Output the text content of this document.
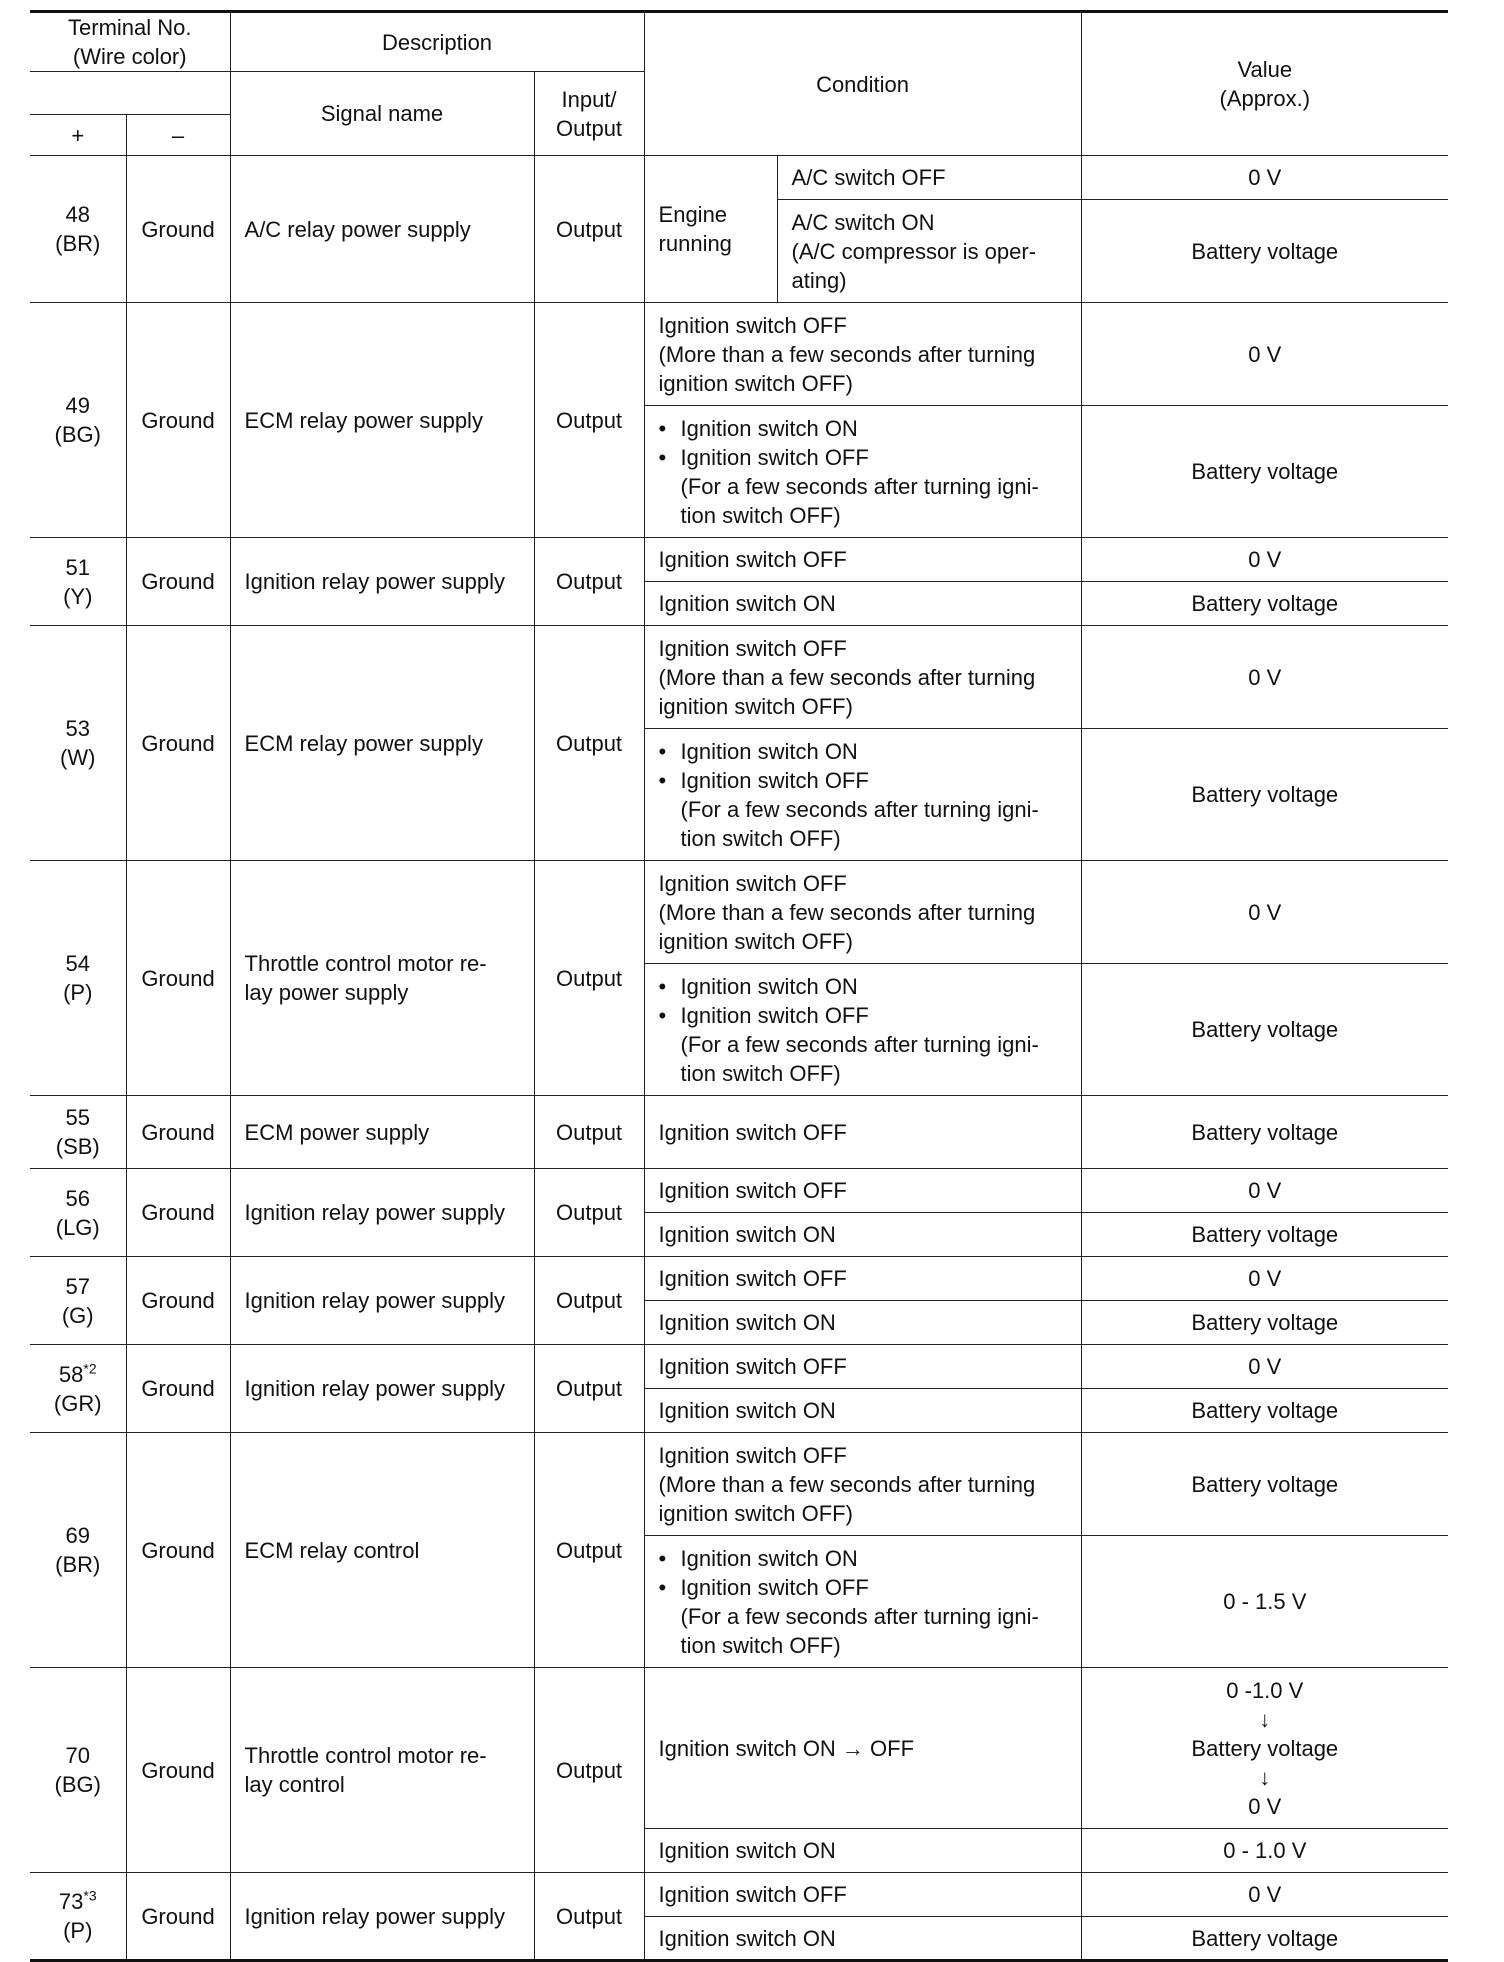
Terminal No.
(Wire color)		Description		Condition		Value
(Approx.)

		Signal name	Input/
Output			

+	–					

48
(BR)	Ground	A/C relay power supply	Output	Engine
running	A/C switch OFF	0 V

					A/C switch ON
(A/C compressor is oper-
ating)	Battery voltage

49
(BG)	Ground	ECM relay power supply	Output	Ignition switch OFF
(More than a few seconds after turning
ignition switch OFF)		0 V

				• Ignition switch ON
• Ignition switch OFF
(For a few seconds after turning igni-
tion switch OFF)		Battery voltage

51
(Y)	Ground	Ignition relay power supply	Output	Ignition switch OFF		0 V
				Ignition switch ON		Battery voltage

53
(W)	Ground	ECM relay power supply	Output	Ignition switch OFF
(More than a few seconds after turning
ignition switch OFF)		0 V

				• Ignition switch ON
• Ignition switch OFF
(For a few seconds after turning igni-
tion switch OFF)		Battery voltage

54
(P)	Ground	Throttle control motor re-
lay power supply	Output	Ignition switch OFF
(More than a few seconds after turning
ignition switch OFF)		0 V

				• Ignition switch ON
• Ignition switch OFF
(For a few seconds after turning igni-
tion switch OFF)		Battery voltage

55
(SB)	Ground	ECM power supply	Output	Ignition switch OFF		Battery voltage

56
(LG)	Ground	Ignition relay power supply	Output	Ignition switch OFF		0 V
				Ignition switch ON		Battery voltage

57
(G)	Ground	Ignition relay power supply	Output	Ignition switch OFF		0 V
				Ignition switch ON		Battery voltage

58$^{*2}$
(GR)	Ground	Ignition relay power supply	Output	Ignition switch OFF		0 V
				Ignition switch ON		Battery voltage

69
(BR)	Ground	ECM relay control	Output	Ignition switch OFF
(More than a few seconds after turning
ignition switch OFF)		Battery voltage

				• Ignition switch ON
• Ignition switch OFF
(For a few seconds after turning igni-
tion switch OFF)		0 - 1.5 V

70
(BG)	Ground	Throttle control motor re-
lay control	Output	Ignition switch ON → OFF		0 -1.0 V
↓
Battery voltage
↓
0 V

				Ignition switch ON		0 - 1.0 V

73$^{*3}$
(P)	Ground	Ignition relay power supply	Output	Ignition switch OFF		0 V
				Ignition switch ON		Battery voltage
